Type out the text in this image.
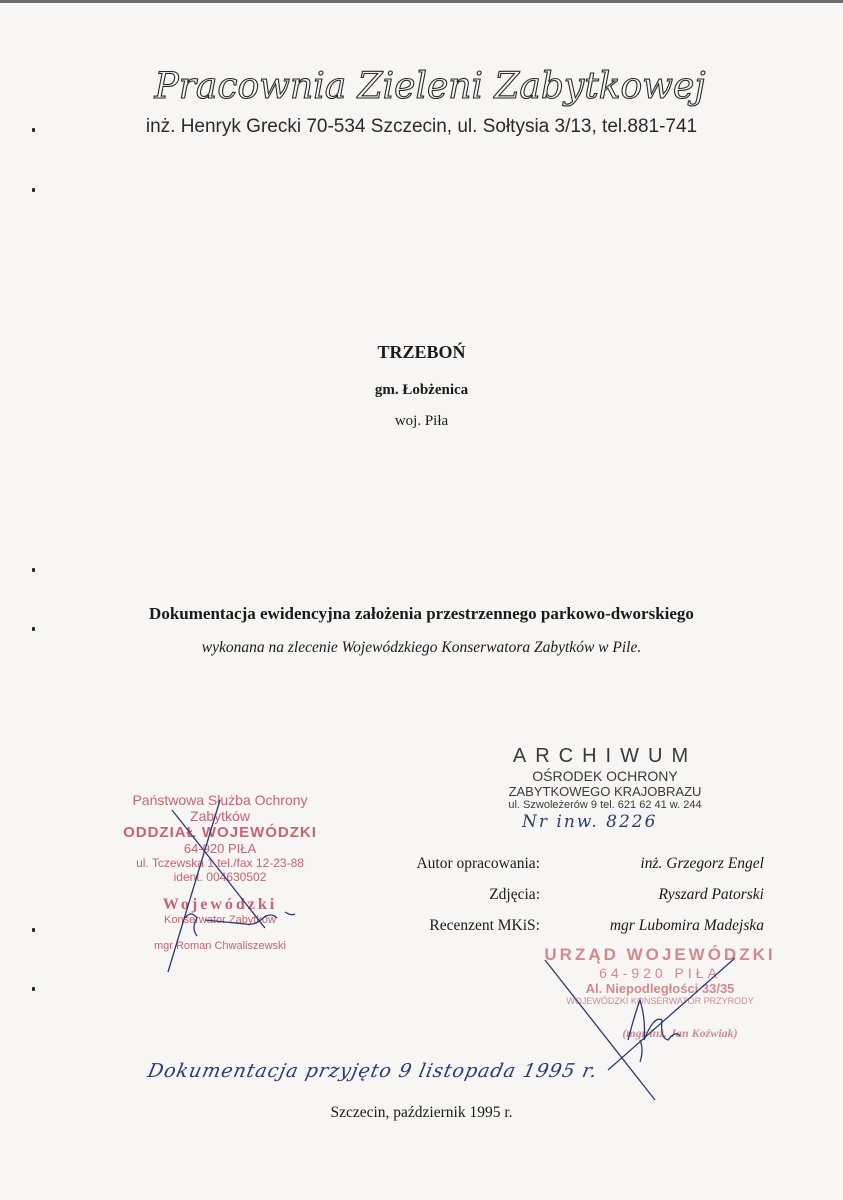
Pracownia Zieleni Zabytkowej
inż. Henryk Grecki 70-534 Szczecin, ul. Sołtysia 3/13, tel.881-741
TRZEBOŃ
gm. Łobżenica
woj. Piła
Dokumentacja ewidencyjna założenia przestrzennego parkowo-dworskiego
wykonana na zlecenie Wojewódzkiego Konserwatora Zabytków w Pile.
ARCHIWUM
OŚRODEK OCHRONY
ZABYTKOWEGO KRAJOBRAZU
ul. Szwoleżerów 9 tel. 621 62 41 w. 244
Nr inw. 8226
Państwowa Służba Ochrony Zabytków
ODDZIAŁ WOJEWÓDZKI
64-920 PIŁA
ul. Tczewska 1 tel./fax 12-23-88
ident. 004630502
Wojewódzki
Konserwator Zabytków
mgr Roman Chwaliszewski
Autor opracowania:	inż. Grzegorz Engel
Zdjęcia:	Ryszard Patorski
Recenzent MKiS:	mgr Lubomira Madejska
URZĄD WOJEWÓDZKI
64-920 PIŁA
Al. Niepodległości 33/35
WOJEWÓDZKI KONSERWATOR PRZYRODY
(mgr inż. Jan Koźwiak)
Dokumentacja przyjęto 9 listopada 1995 r.
Szczecin, październik 1995 r.
